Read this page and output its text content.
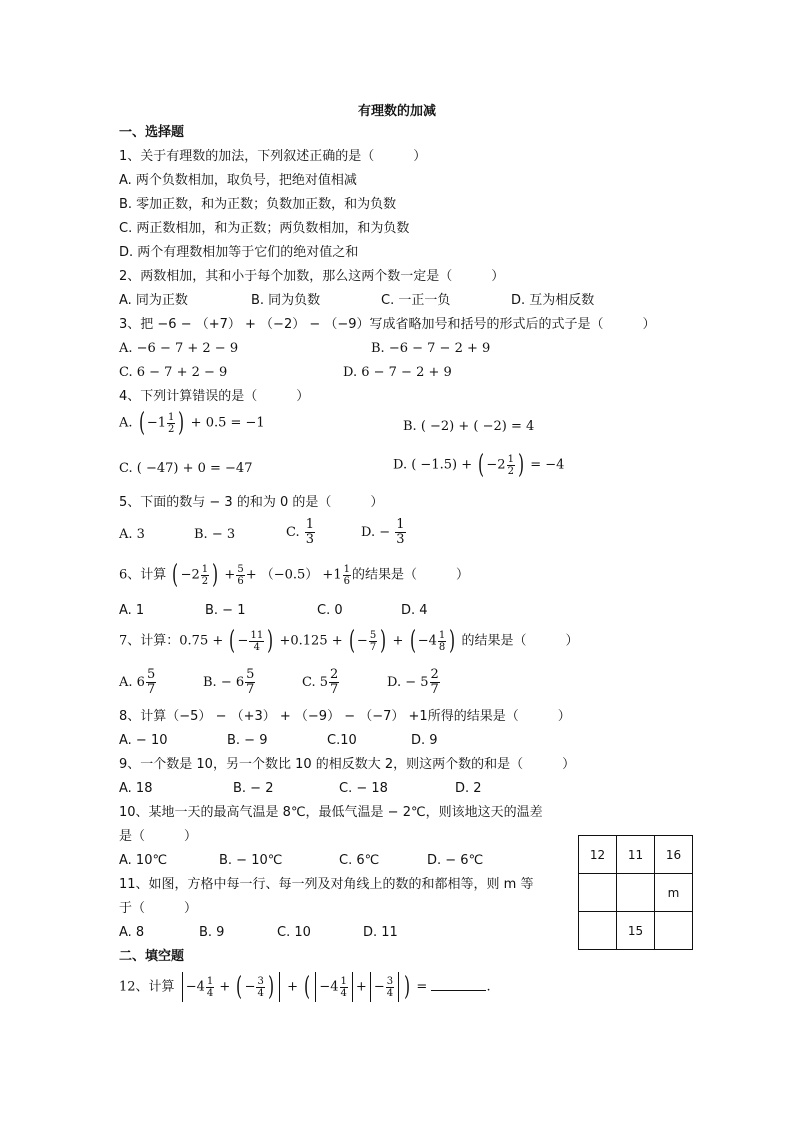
有理数的加减
一、选择题
1、关于有理数的加法，下列叙述正确的是（　　　）
A. 两个负数相加，取负号，把绝对值相减
B. 零加正数，和为正数；负数加正数，和为负数
C. 两正数相加，和为正数；两负数相加，和为负数
D. 两个有理数相加等于它们的绝对值之和
2、两数相加，其和小于每个加数，那么这两个数一定是（　　　）
A. 同为正数	B. 同为负数	C. 一正一负	D. 互为相反数
3、把 −6 − （+7） + （−2） − （−9）写成省略加号和括号的形式后的式子是（　　　）
A. −6 − 7 + 2 − 9	B. −6 − 7 − 2 + 9
C. 6 − 7 + 2 − 9	D. 6 − 7 − 2 + 9
4、下列计算错误的是（　　　）
A. ( $-1 \frac{1}{2}$ ) + 0.5 = −1	B. ( −2) + ( −2) = 4
C. ( −47) + 0 = −47	D. ( −1.5) + ( $-2 \frac{1}{2}$ ) = −4
5、下面的数与 − 3 的和为 0 的是（　　　）
A. 3	B. − 3	C. $\frac{1}{3}$	D. − $\frac{1}{3}$
6、计算 ( $-2 \frac{1}{2}$ ) + $\frac{5}{6} + (-0.5) +1 \frac{1}{6}$ 的结果是（　　　）
A. 1	B. − 1	C. 0	D. 4
7、计算：0.75 + ( − $\frac{11}{4}$ ) +0.125 + ( − $\frac{5}{7}$ ) + ( $-4 \frac{1}{8}$ ) 的结果是（　　　）
A. $6 \frac{5}{7}$	B. − $6 \frac{5}{7}$	C. $5 \frac{2}{7}$	D. − $5 \frac{2}{7}$
8、计算（−5） − （+3） + （−9） − （−7） +1所得的结果是（　　　）
A. − 10	B. − 9	C.10	D. 9
9、一个数是 10，另一个数比 10 的相反数大 2，则这两个数的和是（　　　）
A. 18	B. − 2	C. − 18	D. 2
10、某地一天的最高气温是 8℃，最低气温是 − 2℃，则该地这天的温差
是（　　　）
A. 10℃	B. − 10℃	C. 6℃	D. − 6℃
11、如图，方格中每一行、每一列及对角线上的数的和都相等，则 m 等
于（　　　）
A. 8	B. 9	C. 10	D. 11
12	11	16
		m
	15	
二、填空题
12、计算 $-4 \frac{1}{4}$ + ( − $\frac{3}{4}$ ) + ( $-4 \frac{1}{4}$ + − $\frac{3}{4}$ ) =	.
